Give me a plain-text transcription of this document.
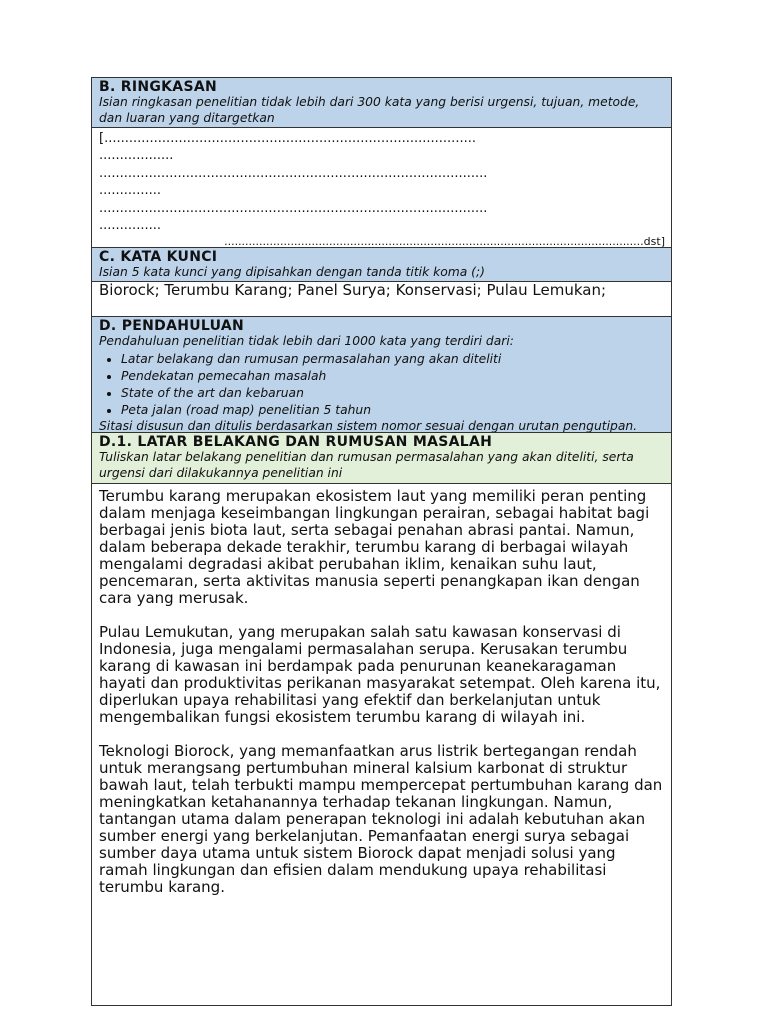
B. RINGKASAN
Isian ringkasan penelitian tidak lebih dari 300 kata yang berisi urgensi, tujuan, metode, dan luaran yang ditargetkan
[..........................................................................................
..................
..............................................................................................
...............
..............................................................................................
...............
........................................................................................................................dst]
C. KATA KUNCI
Isian 5 kata kunci yang dipisahkan dengan tanda titik koma (;)
Biorock; Terumbu Karang; Panel Surya; Konservasi; Pulau Lemukan;
D. PENDAHULUAN
Pendahuluan penelitian tidak lebih dari 1000 kata yang terdiri dari:
• Latar belakang dan rumusan permasalahan yang akan diteliti
• Pendekatan pemecahan masalah
• State of the art dan kebaruan
• Peta jalan (road map) penelitian 5 tahun
Sitasi disusun dan ditulis berdasarkan sistem nomor sesuai dengan urutan pengutipan.
D.1. LATAR BELAKANG DAN RUMUSAN MASALAH
Tuliskan latar belakang penelitian dan rumusan permasalahan yang akan diteliti, serta urgensi dari dilakukannya penelitian ini

Terumbu karang merupakan ekosistem laut yang memiliki peran penting dalam menjaga keseimbangan lingkungan perairan, sebagai habitat bagi berbagai jenis biota laut, serta sebagai penahan abrasi pantai. Namun, dalam beberapa dekade terakhir, terumbu karang di berbagai wilayah mengalami degradasi akibat perubahan iklim, kenaikan suhu laut, pencemaran, serta aktivitas manusia seperti penangkapan ikan dengan cara yang merusak.

Pulau Lemukutan, yang merupakan salah satu kawasan konservasi di Indonesia, juga mengalami permasalahan serupa. Kerusakan terumbu karang di kawasan ini berdampak pada penurunan keanekaragaman hayati dan produktivitas perikanan masyarakat setempat. Oleh karena itu, diperlukan upaya rehabilitasi yang efektif dan berkelanjutan untuk mengembalikan fungsi ekosistem terumbu karang di wilayah ini.

Teknologi Biorock, yang memanfaatkan arus listrik bertegangan rendah untuk merangsang pertumbuhan mineral kalsium karbonat di struktur bawah laut, telah terbukti mampu mempercepat pertumbuhan karang dan meningkatkan ketahanannya terhadap tekanan lingkungan. Namun, tantangan utama dalam penerapan teknologi ini adalah kebutuhan akan sumber energi yang berkelanjutan. Pemanfaatan energi surya sebagai sumber daya utama untuk sistem Biorock dapat menjadi solusi yang ramah lingkungan dan efisien dalam mendukung upaya rehabilitasi terumbu karang.
